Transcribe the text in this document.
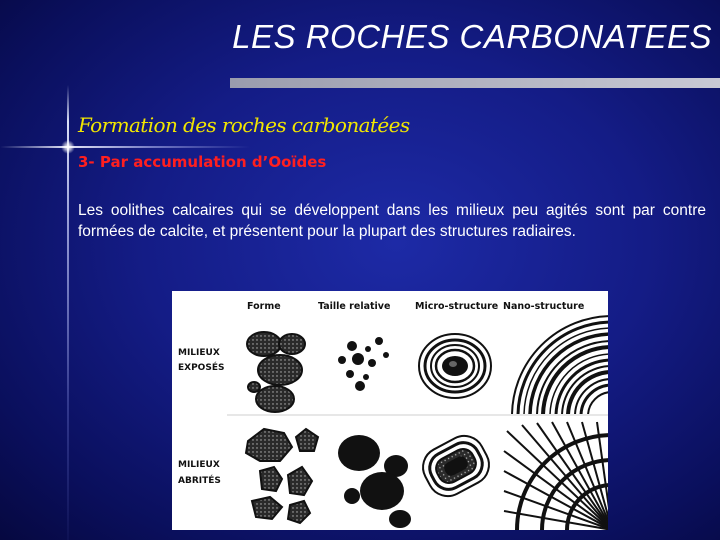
LES ROCHES CARBONATEES
Formation des roches carbonatées
3- Par accumulation d’Ooïdes
Les oolithes calcaires qui se développent dans les milieux peu agités sont par contre formées de calcite, et présentent pour la plupart des structures radiaires.
Forme	Taille relative	Micro-structure Nano-structure
MILIEUX
EXPOSÉS
MILIEUX
ABRITÉS
